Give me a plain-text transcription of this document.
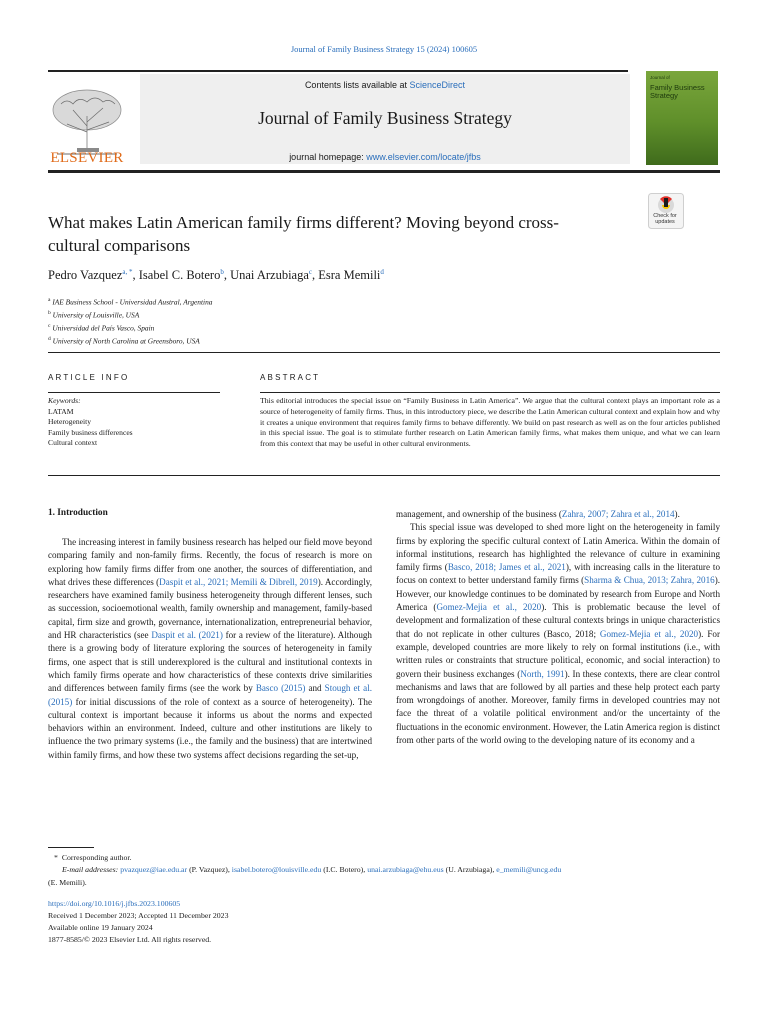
Journal of Family Business Strategy 15 (2024) 100605
Contents lists available at ScienceDirect
Journal of Family Business Strategy
journal homepage: www.elsevier.com/locate/jfbs
ELSEVIER
Journal of
Family Business Strategy
Check for updates
What makes Latin American family firms different? Moving beyond cross-cultural comparisons
Pedro Vazquez$^{a, *}$, Isabel C. Botero$^b$, Unai Arzubiaga$^c$, Esra Memili$^d$
$^a$ IAE Business School - Universidad Austral, Argentina
$^b$ University of Louisville, USA
$^c$ Universidad del País Vasco, Spain
$^d$ University of North Carolina at Greensboro, USA
ARTICLE INFO	ABSTRACT
Keywords:
LATAM
Heterogeneity
Family business differences
Cultural context
This editorial introduces the special issue on “Family Business in Latin America”. We argue that the cultural context plays an important role as a source of heterogeneity of family firms. Thus, in this introductory piece, we describe the Latin American cultural context and explain how and why it creates a unique environment that requires family firms to behave differently. We build on past research as well as on the four articles published in this special issue. The goal is to stimulate further research on Latin American family firms, what makes them unique, and what we can learn from this context that may be useful in other cultural environments.
1. Introduction

The increasing interest in family business research has helped our field move beyond comparing family and non-family firms. Recently, the focus of research is more on exploring how family firms differ from one another, the sources of differentiation, and what drives these differences (Daspit et al., 2021; Memili & Dibrell, 2019). Accordingly, researchers have examined family business heterogeneity through different lenses, such as succession, socioemotional wealth, family ownership and management, family-based capital, firm size and growth, governance, internationalization, entrepreneurial behavior, and HR characteristics (see Daspit et al. (2021) for a review of the literature). Although there is a growing body of literature exploring the sources of heterogeneity in family firms, one aspect that is still underexplored is the cultural and institutional contexts in which family firms operate and how characteristics of these contexts drive similarities and differences between family firms (see the work by Basco (2015) and Stough et al. (2015) for initial discussions of the role of context as a source of heterogeneity). The cultural context is important because it informs us about the norms and expected behaviors within an environment. Indeed, culture and other institutions are likely to influence the two primary systems (i.e., the family and the business) that are intertwined within family firms, and how these two systems affect decisions regarding the set-up,

management, and ownership of the business (Zahra, 2007; Zahra et al., 2014).

This special issue was developed to shed more light on the heterogeneity in family firms by exploring the specific cultural context of Latin America. Within the domain of informal institutions, research has highlighted the relevance of culture in examining family firms (Basco, 2018; James et al., 2021), with increasing calls in the literature to focus on context to better understand family firms (Sharma & Chua, 2013; Zahra, 2016). However, our knowledge continues to be dominated by research from Europe and North America (Gomez-Mejia et al., 2020). This is problematic because the level of development and formalization of these cultural contexts brings in unique characteristics that do not replicate in other cultures (Basco, 2018; Gomez-Mejia et al., 2020). For example, developed countries are more likely to rely on formal institutions (i.e., with written rules or constraints that structure political, economic, and social interaction) to govern their business exchanges (North, 1991). In these contexts, there are clear control mechanisms and laws that are followed by all parties and these help protect each party from wrongdoings of another. Moreover, family firms in developed countries may not face the threat of a volatile political environment and/or the uncertainty of the fluctuations in the economic environment. However, the Latin America region is distinct from other parts of the world owing to the developing nature of its economy and a

* Corresponding author.
E-mail addresses: pvazquez@iae.edu.ar (P. Vazquez), isabel.botero@louisville.edu (I.C. Botero), unai.arzubiaga@ehu.eus (U. Arzubiaga), e_memili@uncg.edu
(E. Memili).
https://doi.org/10.1016/j.jfbs.2023.100605
Received 1 December 2023; Accepted 11 December 2023
Available online 19 January 2024
1877-8585/© 2023 Elsevier Ltd. All rights reserved.
